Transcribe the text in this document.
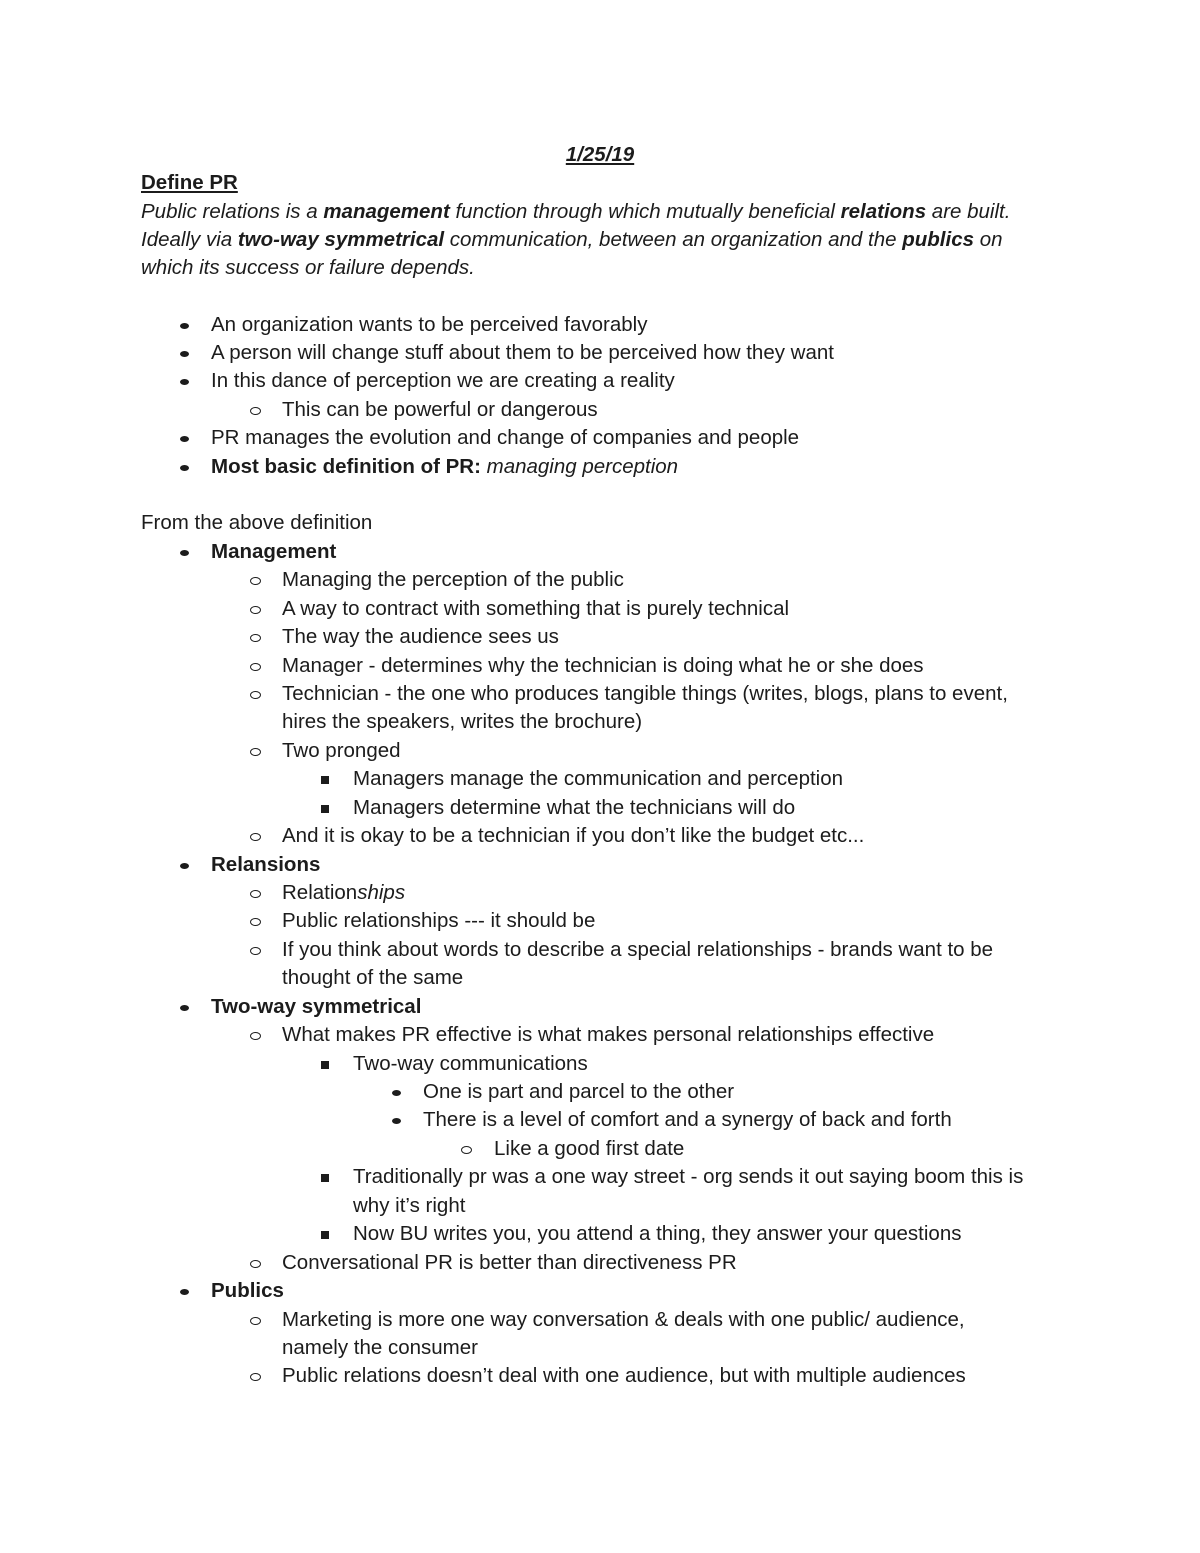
1/25/19
Define PR
Public relations is a management function through which mutually beneficial relations are built.
Ideally via two-way symmetrical communication, between an organization and the publics on
which its success or failure depends.
An organization wants to be perceived favorably
A person will change stuff about them to be perceived how they want
In this dance of perception we are creating a reality
This can be powerful or dangerous
PR manages the evolution and change of companies and people
Most basic definition of PR: managing perception
From the above definition
Management
Managing the perception of the public
A way to contract with something that is purely technical
The way the audience sees us
Manager - determines why the technician is doing what he or she does
Technician - the one who produces tangible things (writes, blogs, plans to event,
hires the speakers, writes the brochure)
Two pronged
Managers manage the communication and perception
Managers determine what the technicians will do
And it is okay to be a technician if you don’t like the budget etc...
Relansions
Relationships
Public relationships --- it should be
If you think about words to describe a special relationships - brands want to be
thought of the same
Two-way symmetrical
What makes PR effective is what makes personal relationships effective
Two-way communications
One is part and parcel to the other
There is a level of comfort and a synergy of back and forth
Like a good first date
Traditionally pr was a one way street - org sends it out saying boom this is
why it’s right
Now BU writes you, you attend a thing, they answer your questions
Conversational PR is better than directiveness PR
Publics
Marketing is more one way conversation & deals with one public/ audience,
namely the consumer
Public relations doesn’t deal with one audience, but with multiple audiences
